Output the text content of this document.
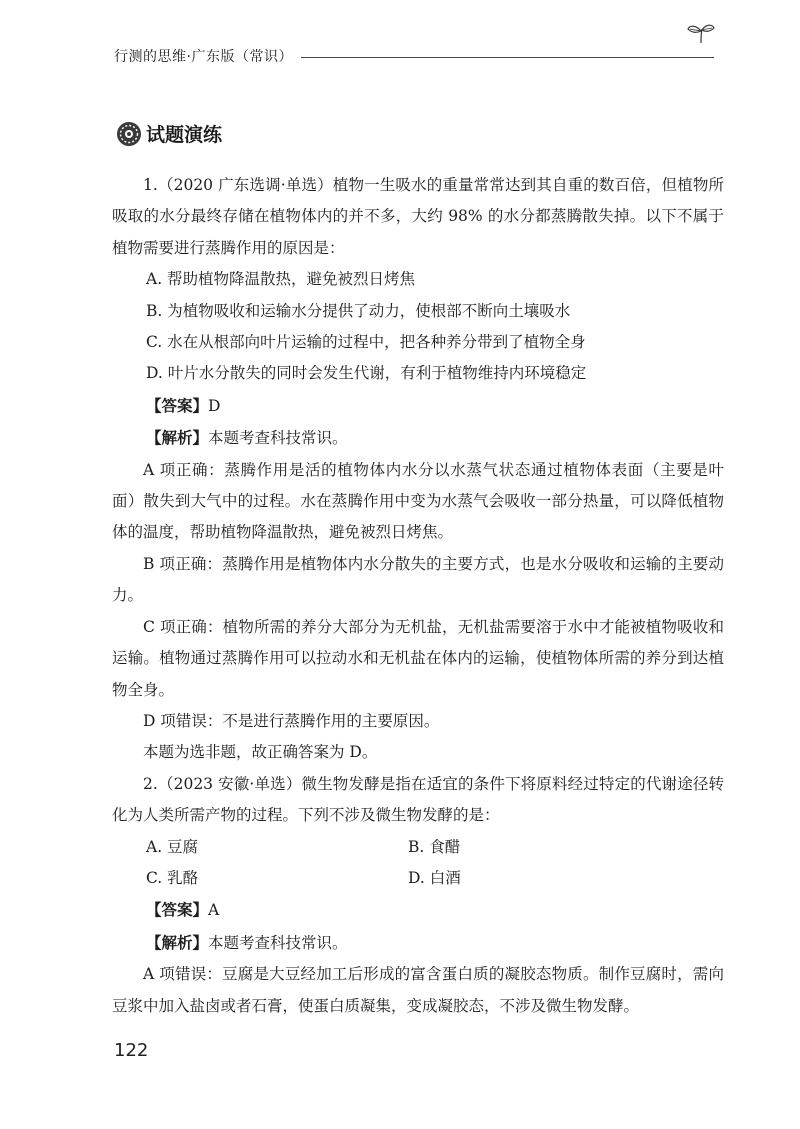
行测的思维·广东版（常识）
试题演练

1.（2020 广东选调·单选）植物一生吸水的重量常常达到其自重的数百倍，但植物所吸取的水分最终存储在植物体内的并不多，大约 98% 的水分都蒸腾散失掉。以下不属于植物需要进行蒸腾作用的原因是：

A. 帮助植物降温散热，避免被烈日烤焦

B. 为植物吸收和运输水分提供了动力，使根部不断向土壤吸水

C. 水在从根部向叶片运输的过程中，把各种养分带到了植物全身

D. 叶片水分散失的同时会发生代谢，有利于植物维持内环境稳定

【答案】D

【解析】本题考查科技常识。

A 项正确：蒸腾作用是活的植物体内水分以水蒸气状态通过植物体表面（主要是叶面）散失到大气中的过程。水在蒸腾作用中变为水蒸气会吸收一部分热量，可以降低植物体的温度，帮助植物降温散热，避免被烈日烤焦。

B 项正确：蒸腾作用是植物体内水分散失的主要方式，也是水分吸收和运输的主要动力。

C 项正确：植物所需的养分大部分为无机盐，无机盐需要溶于水中才能被植物吸收和运输。植物通过蒸腾作用可以拉动水和无机盐在体内的运输，使植物体所需的养分到达植物全身。

D 项错误：不是进行蒸腾作用的主要原因。

本题为选非题，故正确答案为 D。

2.（2023 安徽·单选）微生物发酵是指在适宜的条件下将原料经过特定的代谢途径转化为人类所需产物的过程。下列不涉及微生物发酵的是：

A. 豆腐	B. 食醋
C. 乳酪	D. 白酒

【答案】A

【解析】本题考查科技常识。

A 项错误：豆腐是大豆经加工后形成的富含蛋白质的凝胶态物质。制作豆腐时，需向豆浆中加入盐卤或者石膏，使蛋白质凝集，变成凝胶态，不涉及微生物发酵。

122
